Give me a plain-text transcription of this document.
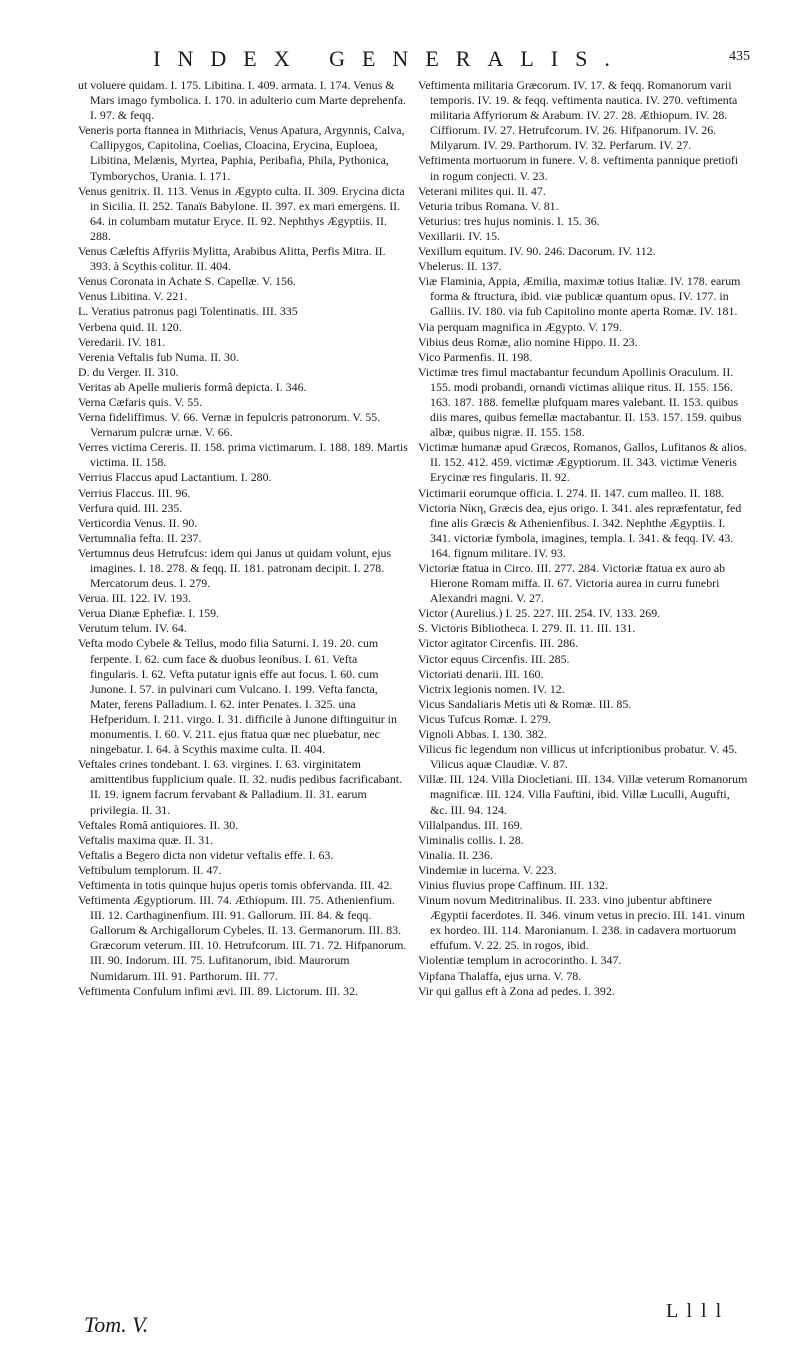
INDEX GENERALIS.	435

ut voluere quidam. I. 175. Libitina. I. 409. armata. I. 174. Venus & Mars imago fymbolica. I. 170. in adulterio cum Marte deprehenfa. I. 97. & feqq.

Veneris porta ftannea in Mithriacis, Venus Apatura, Argynnis, Calva, Callipygos, Capitolina, Coelias, Cloacina, Erycina, Euploea, Libitina, Melænis, Myrtea, Paphia, Peribafia, Phila, Pythonica, Tymborychos, Urania. I. 171.

Venus genitrix. II. 113. Venus in Ægypto culta. II. 309. Erycina dicta in Sicilia. II. 252. Tanaïs Babylone. II. 397. ex mari emergens. II. 64. in columbam mutatur Eryce. II. 92. Nephthys Ægyptiis. II. 288.

Venus Cæleftis Affyriis Mylitta, Arabibus Alitta, Perfis Mitra. II. 393. à Scythis colitur. II. 404.

Venus Coronata in Achate S. Capellæ. V. 156.

Venus Libitina. V. 221.

L. Veratius patronus pagi Tolentinatis. III. 335

Verbena quid. II. 120.

Veredarii. IV. 181.

Verenia Veftalis fub Numa. II. 30.

D. du Verger. II. 310.

Veritas ab Apelle mulieris formâ depicta. I. 346.

Verna Cæfaris quis. V. 55.

Verna fideliffimus. V. 66. Vernæ in fepulcris patronorum. V. 55. Vernarum pulcræ urnæ. V. 66.

Verres victima Cereris. II. 158. prima victimarum. I. 188. 189. Martis victima. II. 158.

Verrius Flaccus apud Lactantium. I. 280.

Verrius Flaccus. III. 96.

Verfura quid. III. 235.

Verticordia Venus. II. 90.

Vertumnalia fefta. II. 237.

Vertumnus deus Hetrufcus: idem qui Janus ut quidam volunt, ejus imagines. I. 18. 278. & feqq. II. 181. patronam decipit. I. 278. Mercatorum deus. I. 279.

Verua. III. 122. IV. 193.

Verua Dianæ Ephefiæ. I. 159.

Verutum telum. IV. 64.

Vefta modo Cybele & Tellus, modo filia Saturni. I. 19. 20. cum ferpente. I. 62. cum face & duobus leonibus. I. 61. Vefta fingularis. I. 62. Vefta putatur ignis effe aut focus. I. 60. cum Junone. I. 57. in pulvinari cum Vulcano. I. 199. Vefta fancta, Mater, ferens Palladium. I. 62. inter Penates. I. 325. una Hefperidum. I. 211. virgo. I. 31. difficile à Junone diftinguitur in monumentis. I. 60. V. 211. ejus ftatua quæ nec pluebatur, nec ningebatur. I. 64. à Scythis maxime culta. II. 404.

Veftales crines tondebant. I. 63. virgines. I. 63. virginitatem amittentibus fupplicium quale. II. 32. nudis pedibus facrificabant. II. 19. ignem facrum fervabant & Palladium. II. 31. earum privilegia. II. 31.

Veftales Româ antiquiores. II. 30.

Veftalis maxima quæ. II. 31.

Veftalis a Begero dicta non videtur veftalis effe. I. 63.

Veftibulum templorum. II. 47.

Veftimenta in totis quinque hujus operis tomis obfervanda. III. 42.

Veftimenta Ægyptiorum. III. 74. Æthiopum. III. 75. Athenienfium. III. 12. Carthaginenfium. III. 91. Gallorum. III. 84. & feqq. Gallorum & Archigallorum Cybeles. II. 13. Germanorum. III. 83. Græcorum veterum. III. 10. Hetrufcorum. III. 71. 72. Hifpanorum. III. 90. Indorum. III. 75. Lufitanorum, ibid. Maurorum Numidarum. III. 91. Parthorum. III. 77.

Veftimenta Confulum infimi ævi. III. 89. Lictorum. III. 32.

Veftimenta militaria Græcorum. IV. 17. & feqq. Romanorum varii temporis. IV. 19. & feqq. veftimenta nautica. IV. 270. veftimenta militaria Affyriorum & Arabum. IV. 27. 28. Æthiopum. IV. 28. Ciffiorum. IV. 27. Hetrufcorum. IV. 26. Hifpanorum. IV. 26. Milyarum. IV. 29. Parthorum. IV. 32. Perfarum. IV. 27.

Veftimenta mortuorum in funere. V. 8. veftimenta pannique pretiofi in rogum conjecti. V. 23.

Veterani milites qui. II. 47.

Veturia tribus Romana. V. 81.

Veturius: tres hujus nominis. I. 15. 36.

Vexillarii. IV. 15.

Vexillum equitum. IV. 90. 246. Dacorum. IV. 112.

Vhelerus. II. 137.

Viæ Flaminia, Appia, Æmilia, maximæ totius Italiæ. IV. 178. earum forma & ftructura, ibid. viæ publicæ quantum opus. IV. 177. in Galliis. IV. 180. via fub Capitolino monte aperta Romæ. IV. 181.

Via perquam magnifica in Ægypto. V. 179.

Vibius deus Romæ, alio nomine Hippo. II. 23.

Vico Parmenfis. II. 198.

Victimæ tres fimul mactabantur fecundum Apollinis Oraculum. II. 155. modi probandi, ornandi victimas aliique ritus. II. 155. 156. 163. 187. 188. femellæ plufquam mares valebant. II. 153. quibus diis mares, quibus femellæ mactabantur. II. 153. 157. 159. quibus albæ, quibus nigræ. II. 155. 158.

Victimæ humanæ apud Græcos, Romanos, Gallos, Lufitanos & alios. II. 152. 412. 459. victimæ Ægyptiorum. II. 343. victimæ Veneris Erycinæ res fingularis. II. 92.

Victimarii eorumque officia. I. 274. II. 147. cum malleo. II. 188.

Victoria Νίκη, Græcis dea, ejus origo. I. 341. ales repræfentatur, fed fine alis Græcis & Athenienfibus. I. 342. Nephthe Ægyptiis. I. 341. victoriæ fymbola, imagines, templa. I. 341. & feqq. IV. 43. 164. fignum militare. IV. 93.

Victoriæ ftatua in Circo. III. 277. 284. Victoriæ ftatua ex auro ab Hierone Romam miffa. II. 67. Victoria aurea in curru funebri Alexandri magni. V. 27.

Victor (Aurelius.) I. 25. 227. III. 254. IV. 133. 269.

S. Victoris Bibliotheca. I. 279. II. 11. III. 131.

Victor agitator Circenfis. III. 286.

Victor equus Circenfis. III. 285.

Victoriati denarii. III. 160.

Victrix legionis nomen. IV. 12.

Vicus Sandaliaris Metis uti & Romæ. III. 85.

Vicus Tufcus Romæ. I. 279.

Vignoli Abbas. I. 130. 382.

Vilicus fic legendum non villicus ut infcriptionibus probatur. V. 45. Vilicus aquæ Claudiæ. V. 87.

Villæ. III. 124. Villa Diocletiani. III. 134. Villæ veterum Romanorum magnificæ. III. 124. Villa Fauftini, ibid. Villæ Luculli, Augufti, &c. III. 94. 124.

Villalpandus. III. 169.

Viminalis collis. I. 28.

Vinalia. II. 236.

Vindemiæ in lucerna. V. 223.

Vinius fluvius prope Caffinum. III. 132.

Vinum novum Meditrinalibus. II. 233. vino jubentur abftinere Ægyptii facerdotes. II. 346. vinum vetus in precio. III. 141. vinum ex hordeo. III. 114. Maronianum. I. 238. in cadavera mortuorum effufum. V. 22. 25. in rogos, ibid.

Violentiæ templum in acrocorintho. I. 347.

Vipfana Thalaffa, ejus urna. V. 78.

Vir qui gallus eft à Zona ad pedes. I. 392.

Tom. V.
L l l l
